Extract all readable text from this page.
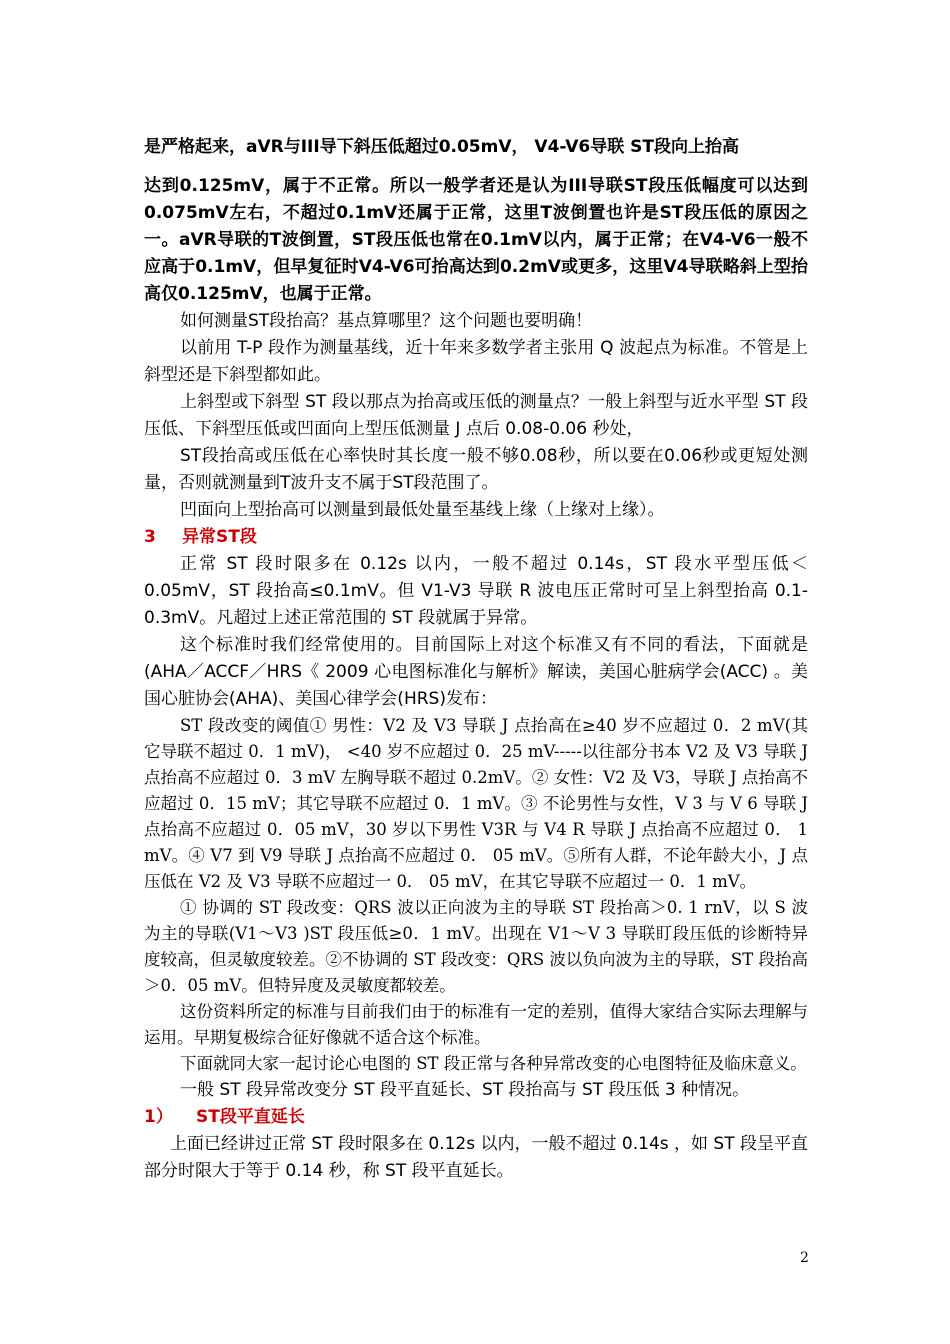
是严格起来，aVR与III导下斜压低超过0.05mV， V4-V6导联 ST段向上抬高

达到0.125mV，属于不正常。所以一般学者还是认为III导联ST段压低幅度可以达到0.075mV左右，不超过0.1mV还属于正常，这里T波倒置也许是ST段压低的原因之一。aVR导联的T波倒置，ST段压低也常在0.1mV以内，属于正常；在V4-V6一般不应高于0.1mV，但早复征时V4-V6可抬高达到0.2mV或更多，这里V4导联略斜上型抬高仅0.125mV，也属于正常。

如何测量ST段抬高？基点算哪里？这个问题也要明确！

以前用 T-P 段作为测量基线，近十年来多数学者主张用 Q 波起点为标准。不管是上斜型还是下斜型都如此。

上斜型或下斜型 ST 段以那点为抬高或压低的测量点？一般上斜型与近水平型 ST 段压低、下斜型压低或凹面向上型压低测量 J 点后 0.08-0.06 秒处，

ST段抬高或压低在心率快时其长度一般不够0.08秒，所以要在0.06秒或更短处测量，否则就测量到T波升支不属于ST段范围了。

凹面向上型抬高可以测量到最低处量至基线上缘（上缘对上缘）。

3 异常ST段

正常 ST 段时限多在 0.12s 以内，一般不超过 0.14s，ST 段水平型压低＜0.05mV，ST 段抬高≤0.1mV。但 V1-V3 导联 R 波电压正常时可呈上斜型抬高 0.1-0.3mV。凡超过上述正常范围的 ST 段就属于异常。

这个标准时我们经常使用的。目前国际上对这个标准又有不同的看法，下面就是(AHA／ACCF／HRS《 2009 心电图标准化与解析》解读，美国心脏病学会(ACC) 。美国心脏协会(AHA)、美国心律学会(HRS)发布：

ST 段改变的阈值① 男性：V2 及 V3 导联 J 点抬高在≥40 岁不应超过 0．2 mV(其它导联不超过 0．1 mV)， <40 岁不应超过 0．25 mV-----以往部分书本 V2 及 V3 导联 J 点抬高不应超过 0．3 mV 左胸导联不超过 0.2mV。② 女性：V2 及 V3，导联 J 点抬高不应超过 0．15 mV；其它导联不应超过 0．1 mV。③ 不论男性与女性，V 3 与 V 6 导联 J 点抬高不应超过 0．05 mV，30 岁以下男性 V3R 与 V4 R 导联 J 点抬高不应超过 0． 1 mV。④ V7 到 V9 导联 J 点抬高不应超过 0． 05 mV。⑤所有人群，不论年龄大小，J 点压低在 V2 及 V3 导联不应超过一 0． 05 mV，在其它导联不应超过一 0．1 mV。

① 协调的 ST 段改变：QRS 波以正向波为主的导联 ST 段抬高＞0. 1 rnV，以 S 波为主的导联(V1～V3 )ST 段压低≥0．1 mV。出现在 V1～V 3 导联盯段压低的诊断特异度较高，但灵敏度较差。②不协调的 ST 段改变：QRS 波以负向波为主的导联，ST 段抬高＞0．05 mV。但特异度及灵敏度都较差。

这份资料所定的标准与目前我们由于的标准有一定的差别，值得大家结合实际去理解与运用。早期复极综合征好像就不适合这个标准。

下面就同大家一起讨论心电图的 ST 段正常与各种异常改变的心电图特征及临床意义。

一般 ST 段异常改变分 ST 段平直延长、ST 段抬高与 ST 段压低 3 种情况。

1） ST段平直延长

上面已经讲过正常 ST 段时限多在 0.12s 以内，一般不超过 0.14s ，如 ST 段呈平直部分时限大于等于 0.14 秒，称 ST 段平直延长。

2
